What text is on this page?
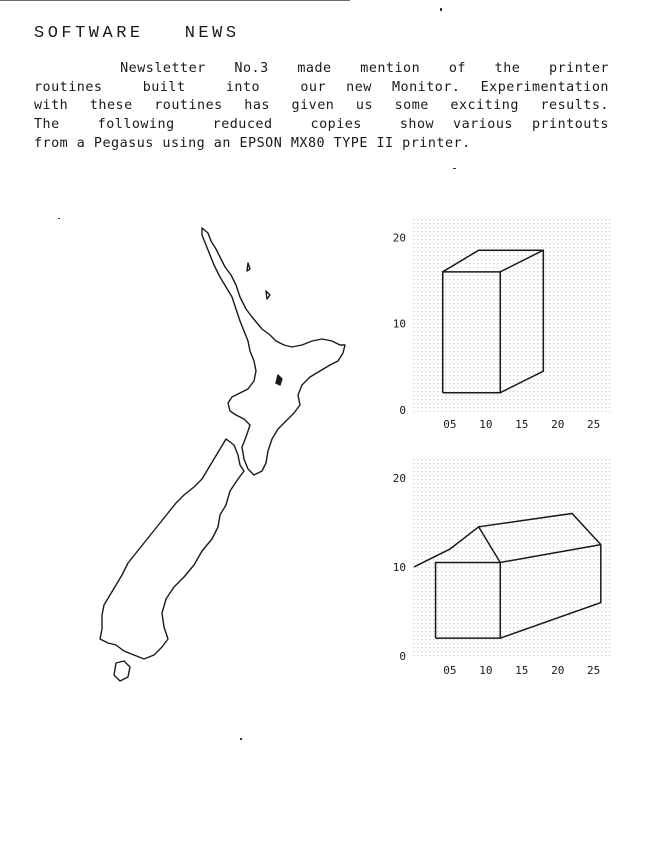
SOFTWARE NEWS
Newsletter  No.3  made  mention  of  the  printer
routines  built  into  our new Monitor. Experimentation
with these routines has given us some exciting results.
The  following  reduced  copies  show various printouts
from a Pegasus using an EPSON MX80 TYPE II printer.
0
10
20
05 10 15 20 25
0
10
20
05 10 15 20 25
